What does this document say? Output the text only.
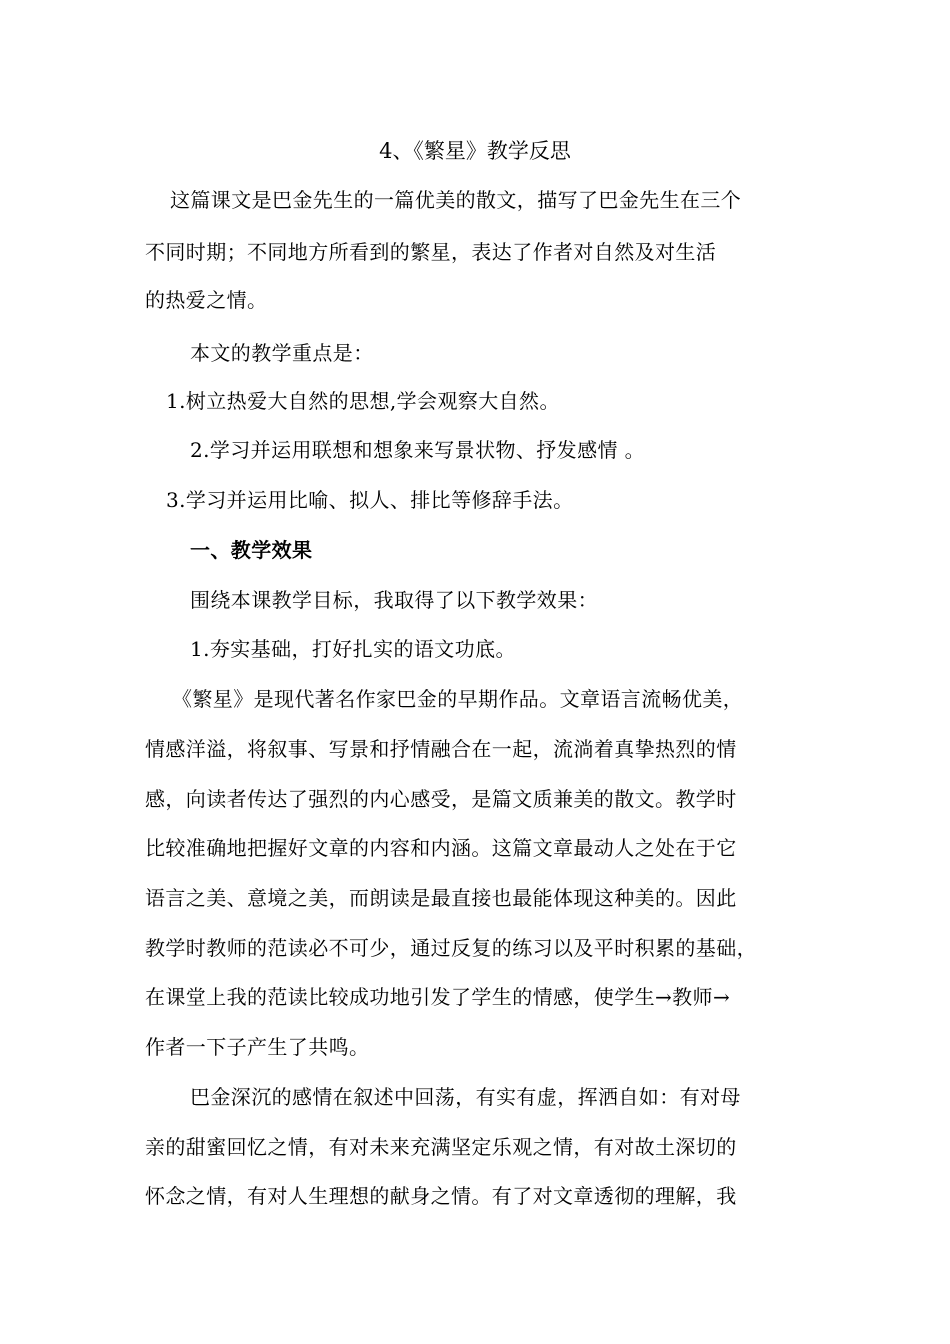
4、《繁星》教学反思
这篇课文是巴金先生的一篇优美的散文，描写了巴金先生在三个
不同时期；不同地方所看到的繁星，表达了作者对自然及对生活
的热爱之情。
本文的教学重点是：
1.树立热爱大自然的思想,学会观察大自然。
2.学习并运用联想和想象来写景状物、抒发感情 。
3.学习并运用比喻、拟人、排比等修辞手法。
一、教学效果
围绕本课教学目标，我取得了以下教学效果：
1.夯实基础，打好扎实的语文功底。
《繁星》是现代著名作家巴金的早期作品。文章语言流畅优美，
情感洋溢，将叙事、写景和抒情融合在一起，流淌着真挚热烈的情
感，向读者传达了强烈的内心感受，是篇文质兼美的散文。教学时
比较准确地把握好文章的内容和内涵。这篇文章最动人之处在于它
语言之美、意境之美，而朗读是最直接也最能体现这种美的。因此
教学时教师的范读必不可少，通过反复的练习以及平时积累的基础，
在课堂上我的范读比较成功地引发了学生的情感，使学生→教师→
作者一下子产生了共鸣。
巴金深沉的感情在叙述中回荡，有实有虚，挥洒自如：有对母
亲的甜蜜回忆之情，有对未来充满坚定乐观之情，有对故土深切的
怀念之情，有对人生理想的献身之情。有了对文章透彻的理解，我
